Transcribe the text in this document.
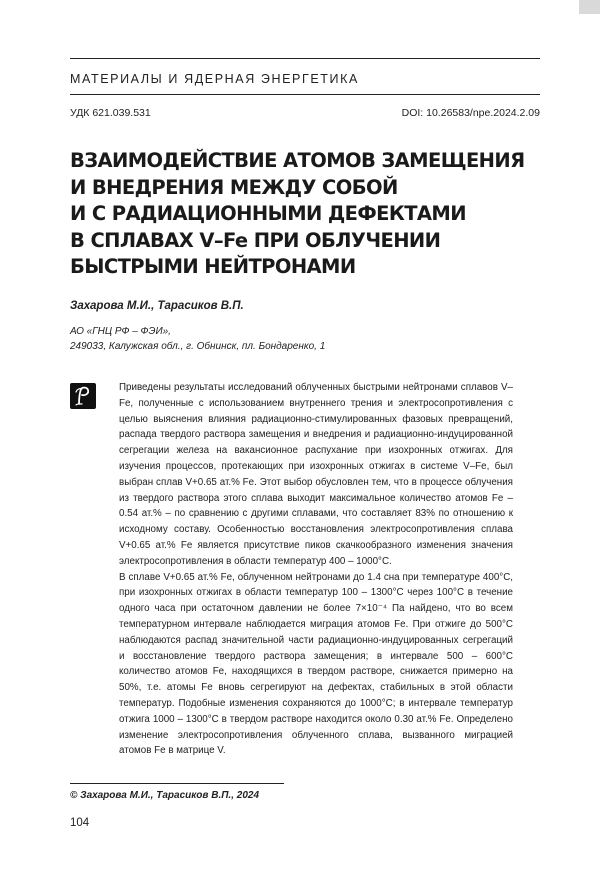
МАТЕРИАЛЫ И ЯДЕРНАЯ ЭНЕРГЕТИКА
УДК 621.039.531	DOI: 10.26583/npe.2024.2.09
ВЗАИМОДЕЙСТВИЕ АТОМОВ ЗАМЕЩЕНИЯ
И ВНЕДРЕНИЯ МЕЖДУ СОБОЙ
И С РАДИАЦИОННЫМИ ДЕФЕКТАМИ
В СПЛАВАХ V–Fe ПРИ ОБЛУЧЕНИИ
БЫСТРЫМИ НЕЙТРОНАМИ
Захарова М.И., Тарасиков В.П.
АО «ГНЦ РФ – ФЭИ»,
249033, Калужская обл., г. Обнинск, пл. Бондаренко, 1

Приведены результаты исследований облученных быстрыми нейтронами сплавов V–Fe, полученные с использованием внутреннего трения и электросопротивления с целью выяснения влияния радиационно-стимулированных фазовых превращений, распада твердого раствора замещения и внедрения и радиационно-индуцированной сегрегации железа на вакансионное распухание при изохронных отжигах. Для изучения процессов, протекающих при изохронных отжигах в системе V–Fe, был выбран сплав V+0.65 ат.% Fe. Этот выбор обусловлен тем, что в процессе облучения из твердого раствора этого сплава выходит максимальное количество атомов Fe – 0.54 ат.% – по сравнению с другими сплавами, что составляет 83% по отношению к исходному составу. Особенностью восстановления электросопротивления сплава V+0.65 ат.% Fe является присутствие пиков скачкообразного изменения значения электросопротивления в области температур 400 – 1000°С.

В сплаве V+0.65 ат.% Fe, облученном нейтронами до 1.4 сна при температуре 400°С, при изохронных отжигах в области температур 100 – 1300°С через 100°С в течение одного часа при остаточном давлении не более 7×10⁻⁴ Па найдено, что во всем температурном интервале наблюдается миграция атомов Fe. При отжиге до 500°С наблюдаются распад значительной части радиационно-индуцированных сегрегаций и восстановление твердого раствора замещения; в интервале 500 – 600°С количество атомов Fe, находящихся в твердом растворе, снижается примерно на 50%, т.е. атомы Fe вновь сегрегируют на дефектах, стабильных в этой области температур. Подобные изменения сохраняются до 1000°С; в интервале температур отжига 1000 – 1300°С в твердом растворе находится около 0.30 ат.% Fe. Определено изменение электросопротивления облученного сплава, вызванного миграцией атомов Fe в матрице V.

© Захарова М.И., Тарасиков В.П., 2024
104
